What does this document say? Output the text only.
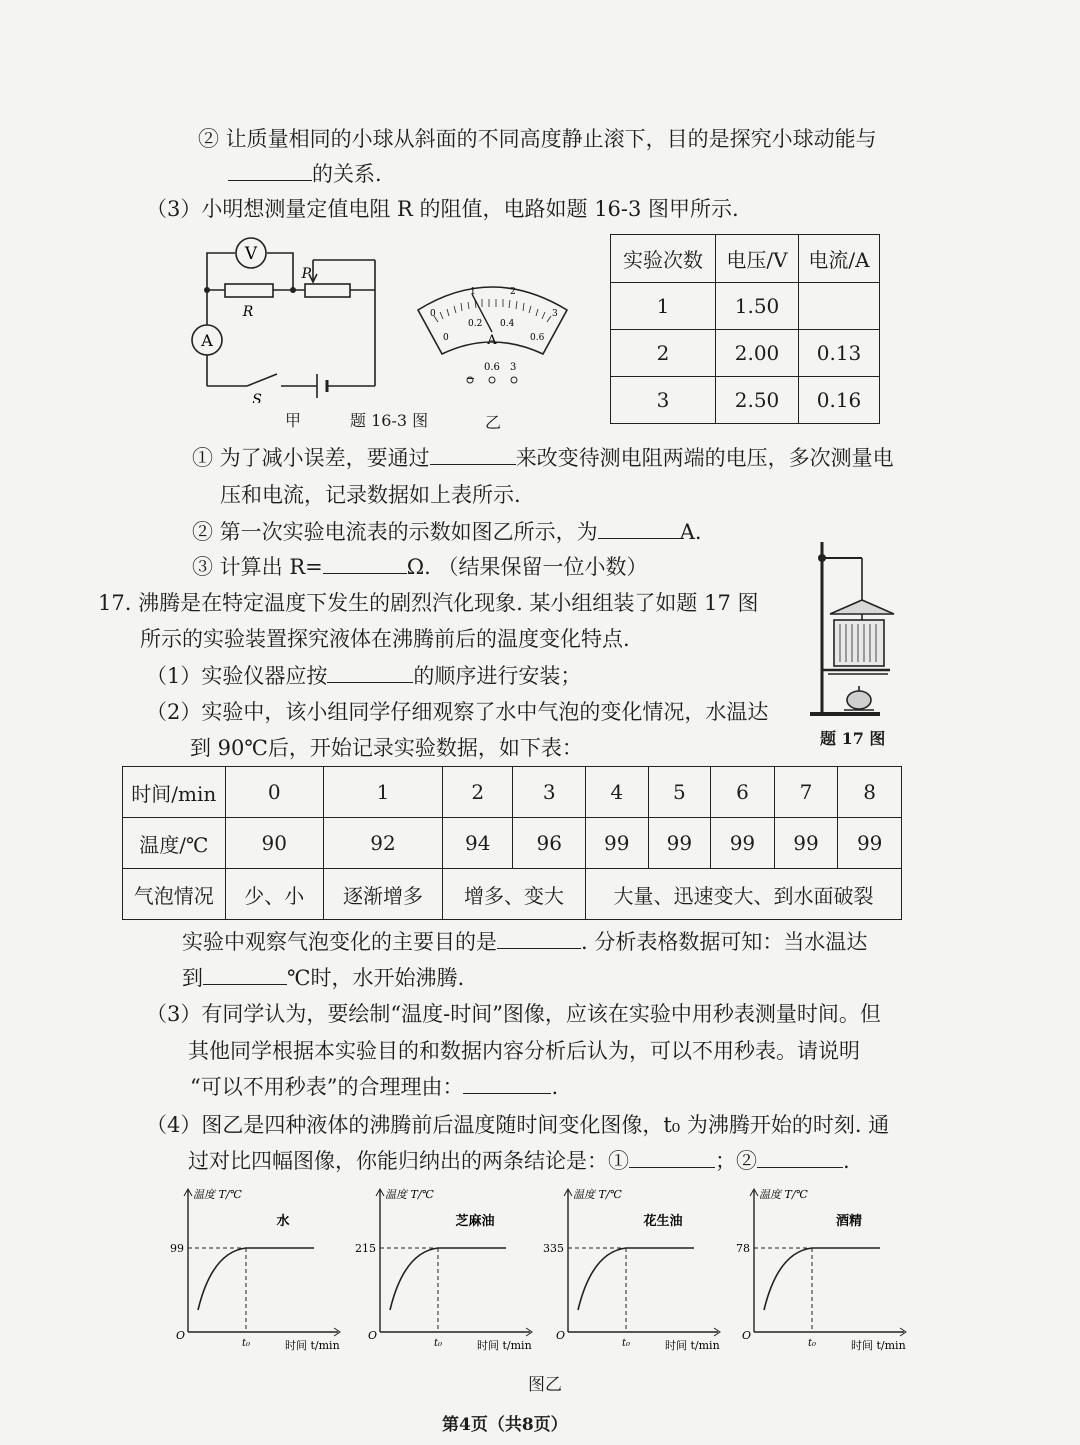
② 让质量相同的小球从斜面的不同高度静止滚下，目的是探究小球动能与
的关系.
（3）小明想测量定值电阻 R 的阻值，电路如题 16-3 图甲所示.
V
A
R
P
S
0
1	2
3
0
0.2 0.4
0.6
A
−
0.6 3
甲	题 16-3 图	乙
实验次数	电压/V	电流/A
1	1.50	
2	2.00	0.13
3	2.50	0.16
① 为了减小误差，要通过	来改变待测电阻两端的电压，多次测量电
压和电流，记录数据如上表所示.
② 第一次实验电流表的示数如图乙所示，为	A.
③ 计算出 R=	Ω. （结果保留一位小数）
17. 沸腾是在特定温度下发生的剧烈汽化现象. 某小组组装了如题 17 图
所示的实验装置探究液体在沸腾前后的温度变化特点.
（1）实验仪器应按	的顺序进行安装；
（2）实验中，该小组同学仔细观察了水中气泡的变化情况，水温达
到 90℃后，开始记录实验数据，如下表：	题 17 图
时间/min	0	1	2	3	4	5	6	7	8
温度/℃	90	92	94	96	99	99	99	99	99
气泡情况	少、小	逐渐增多	增多、变大		大量、迅速变大、到水面破裂				
实验中观察气泡变化的主要目的是	. 分析表格数据可知：当水温达
到	℃时，水开始沸腾.
（3）有同学认为，要绘制“温度-时间”图像，应该在实验中用秒表测量时间。但
其他同学根据本实验目的和数据内容分析后认为，可以不用秒表。请说明
“可以不用秒表”的合理理由：	.
（4）图乙是四种液体的沸腾前后温度随时间变化图像，t₀ 为沸腾开始的时刻. 通
过对比四幅图像，你能归纳出的两条结论是：①	；②	.
温度 T/℃
水
99
O
t₀	时间 t/min
温度 T/℃
芝麻油
215
O
t₀	时间 t/min
温度 T/℃
花生油
335
O
t₀	时间 t/min
温度 T/℃
酒精
78
O
t₀	时间 t/min
图乙
第4页（共8页）
